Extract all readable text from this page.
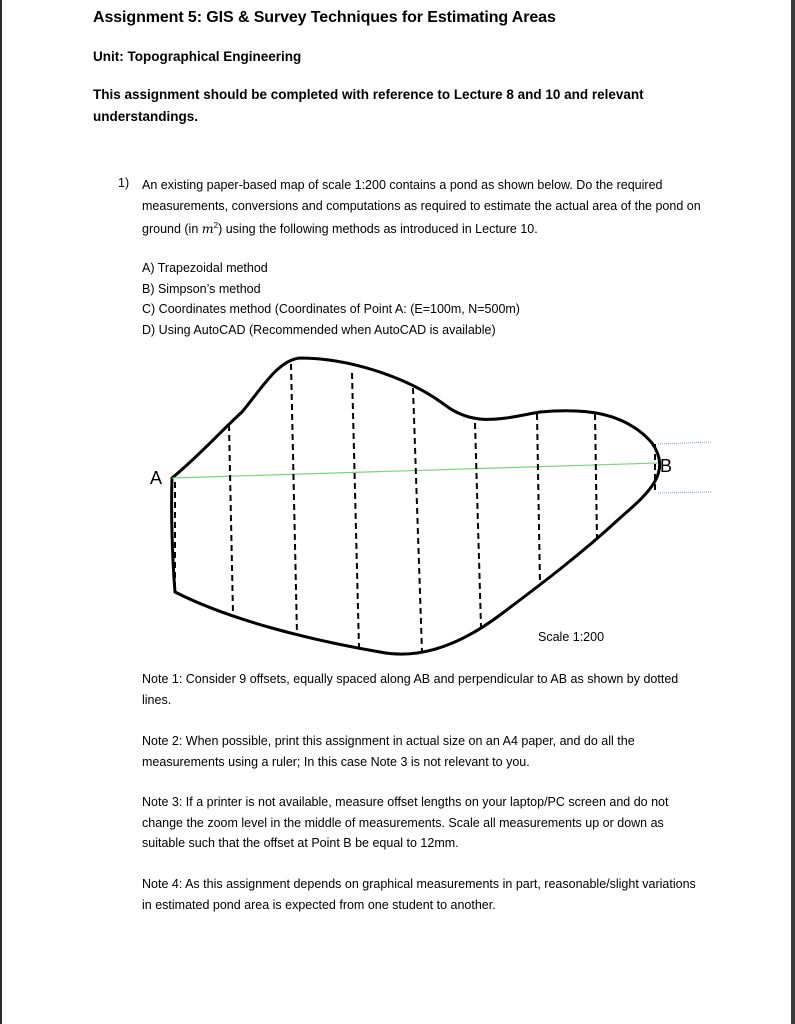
Assignment 5: GIS & Survey Techniques for Estimating Areas
Unit: Topographical Engineering
This assignment should be completed with reference to Lecture 8 and 10 and relevant understandings.
1) An existing paper-based map of scale 1:200 contains a pond as shown below. Do the required measurements, conversions and computations as required to estimate the actual area of the pond on ground (in $m^2$) using the following methods as introduced in Lecture 10.
A) Trapezoidal method
B) Simpson’s method
C) Coordinates method (Coordinates of Point A: (E=100m, N=500m)
D) Using AutoCAD (Recommended when AutoCAD is available)
A
B
Scale 1:200
Note 1: Consider 9 offsets, equally spaced along AB and perpendicular to AB as shown by dotted lines.
Note 2: When possible, print this assignment in actual size on an A4 paper, and do all the measurements using a ruler; In this case Note 3 is not relevant to you.
Note 3: If a printer is not available, measure offset lengths on your laptop/PC screen and do not change the zoom level in the middle of measurements. Scale all measurements up or down as suitable such that the offset at Point B be equal to 12mm.
Note 4: As this assignment depends on graphical measurements in part, reasonable/slight variations in estimated pond area is expected from one student to another.
